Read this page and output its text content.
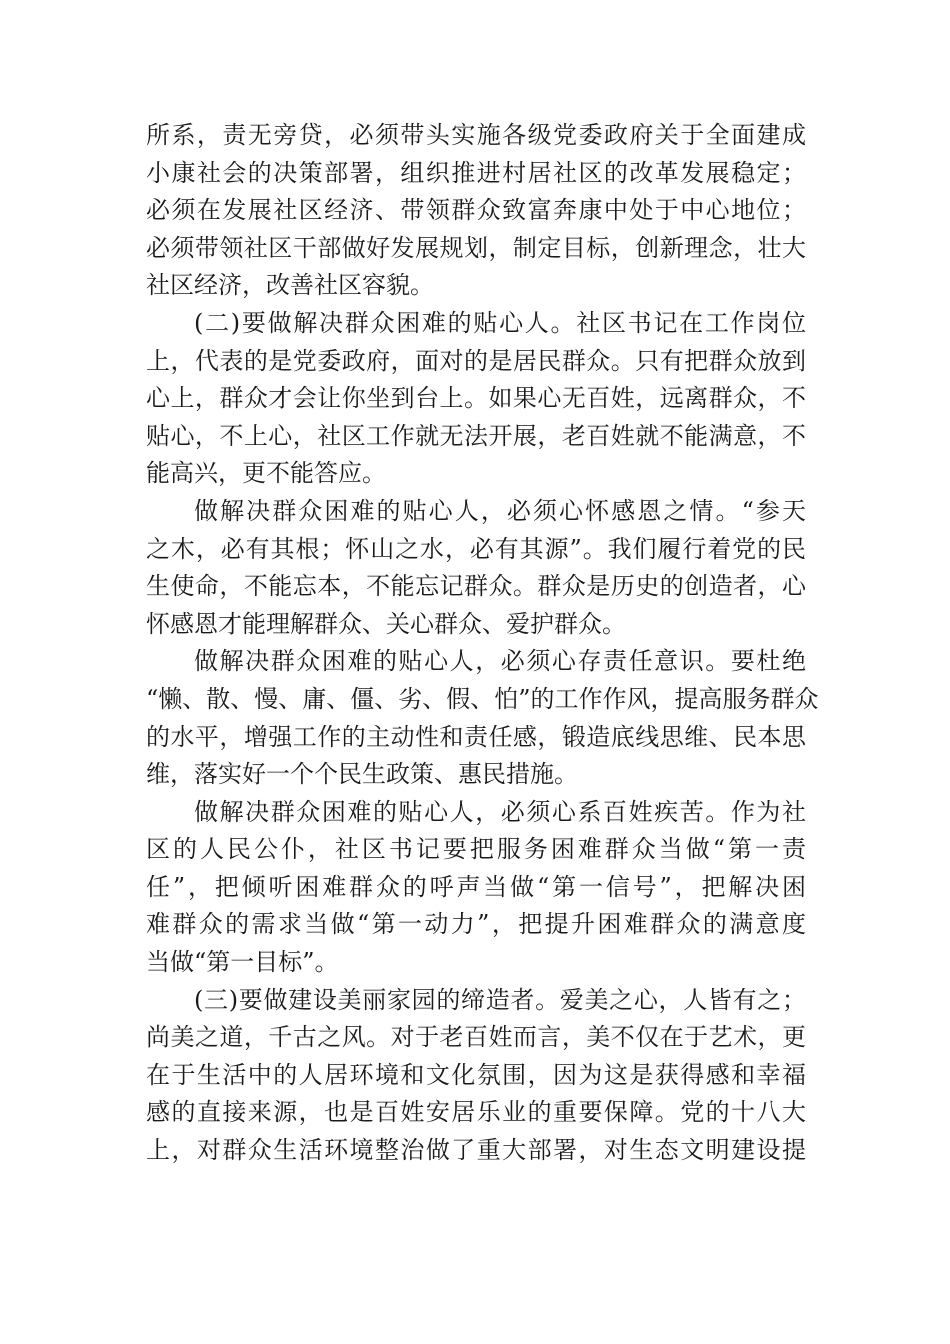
所系，责无旁贷，必须带头实施各级党委政府关于全面建成
小康社会的决策部署，组织推进村居社区的改革发展稳定；
必须在发展社区经济、带领群众致富奔康中处于中心地位；
必须带领社区干部做好发展规划，制定目标，创新理念，壮大
社区经济，改善社区容貌。
(二)要做解决群众困难的贴心人。社区书记在工作岗位
上，代表的是党委政府，面对的是居民群众。只有把群众放到
心上，群众才会让你坐到台上。如果心无百姓，远离群众，不
贴心，不上心，社区工作就无法开展，老百姓就不能满意，不
能高兴，更不能答应。
做解决群众困难的贴心人，必须心怀感恩之情。“参天
之木，必有其根；怀山之水，必有其源”。我们履行着党的民
生使命，不能忘本，不能忘记群众。群众是历史的创造者，心
怀感恩才能理解群众、关心群众、爱护群众。
做解决群众困难的贴心人，必须心存责任意识。要杜绝
“懒、散、慢、庸、僵、劣、假、怕”的工作作风，提高服务群众
的水平，增强工作的主动性和责任感，锻造底线思维、民本思
维，落实好一个个民生政策、惠民措施。
做解决群众困难的贴心人，必须心系百姓疾苦。作为社
区的人民公仆，社区书记要把服务困难群众当做“第一责
任”，把倾听困难群众的呼声当做“第一信号”，把解决困
难群众的需求当做“第一动力”，把提升困难群众的满意度
当做“第一目标”。
(三)要做建设美丽家园的缔造者。爱美之心，人皆有之；
尚美之道，千古之风。对于老百姓而言，美不仅在于艺术，更
在于生活中的人居环境和文化氛围，因为这是获得感和幸福
感的直接来源，也是百姓安居乐业的重要保障。党的十八大
上，对群众生活环境整治做了重大部署，对生态文明建设提
